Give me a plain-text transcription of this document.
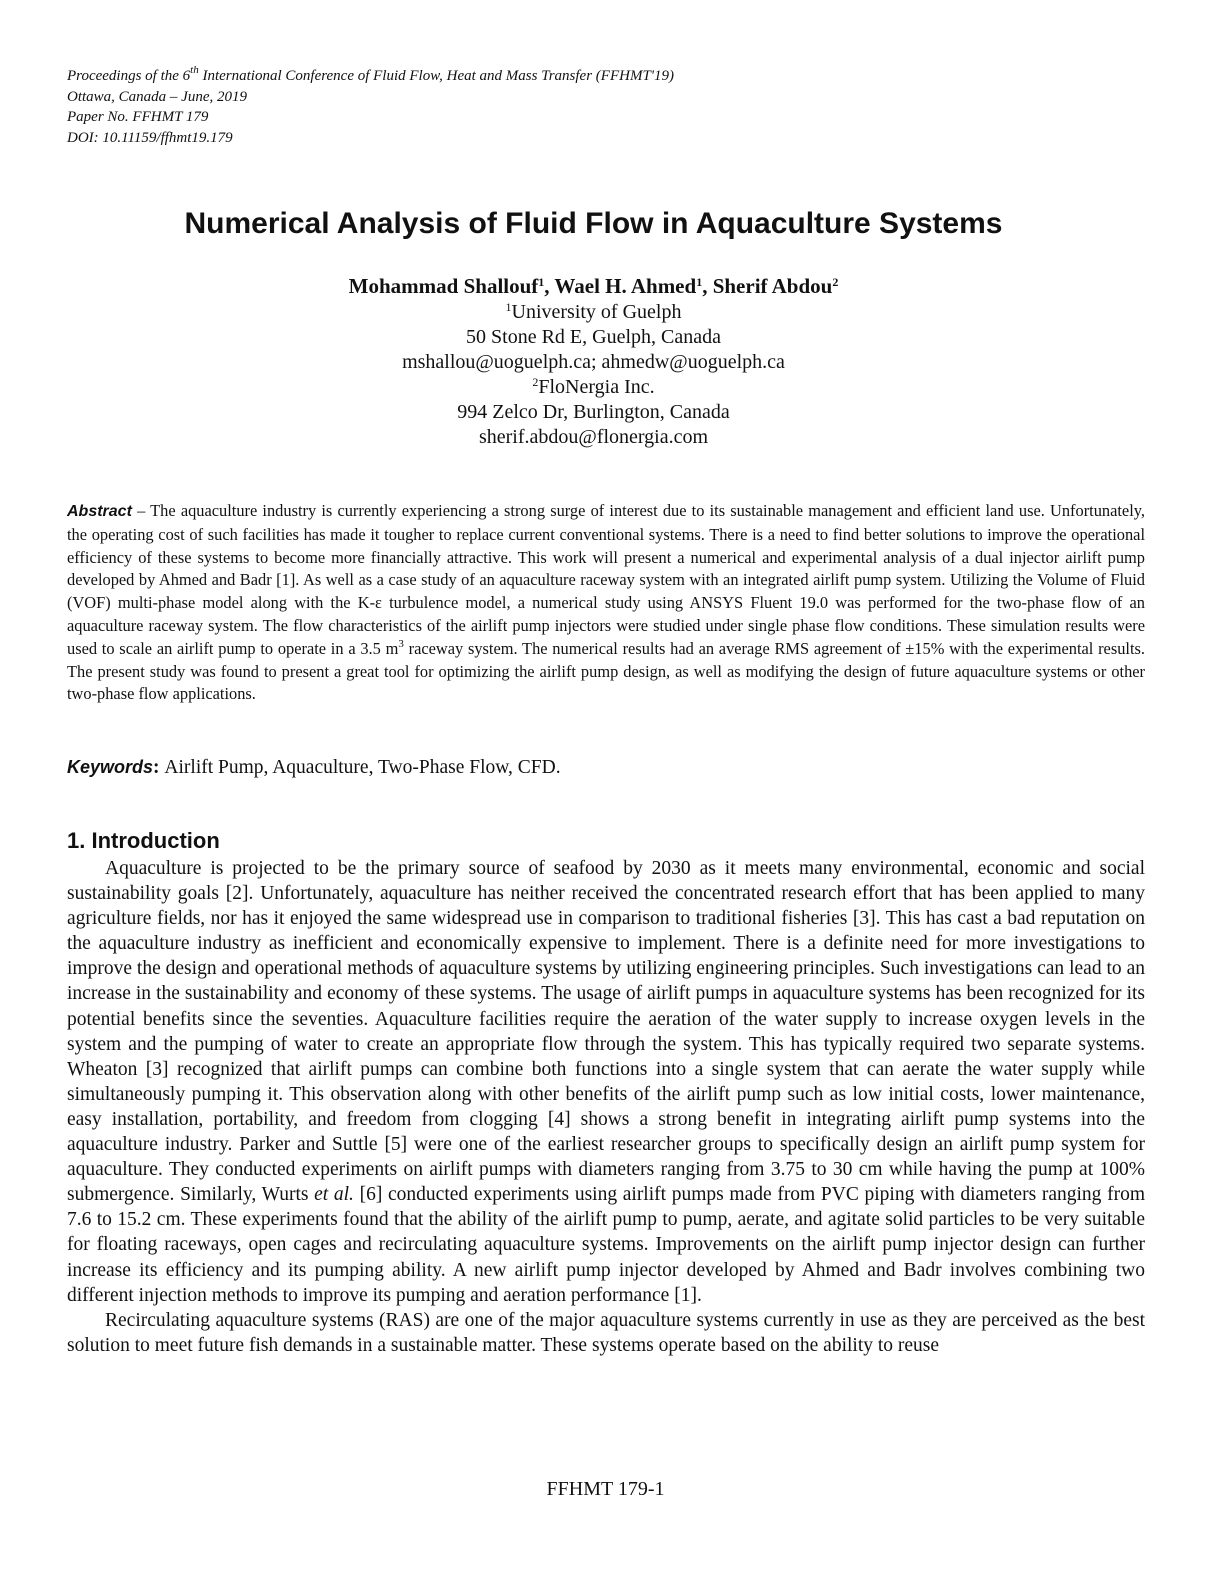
Proceedings of the 6th International Conference of Fluid Flow, Heat and Mass Transfer (FFHMT'19)
Ottawa, Canada – June, 2019
Paper No. FFHMT 179
DOI: 10.11159/ffhmt19.179
Numerical Analysis of Fluid Flow in Aquaculture Systems
Mohammad Shallouf$^1$, Wael H. Ahmed$^1$, Sherif Abdou$^2$
$^1$University of Guelph
50 Stone Rd E, Guelph, Canada
mshallou@uoguelph.ca; ahmedw@uoguelph.ca
$^2$FloNergia Inc.
994 Zelco Dr, Burlington, Canada
sherif.abdou@flonergia.com

Abstract – The aquaculture industry is currently experiencing a strong surge of interest due to its sustainable management and efficient land use. Unfortunately, the operating cost of such facilities has made it tougher to replace current conventional systems. There is a need to find better solutions to improve the operational efficiency of these systems to become more financially attractive. This work will present a numerical and experimental analysis of a dual injector airlift pump developed by Ahmed and Badr [1]. As well as a case study of an aquaculture raceway system with an integrated airlift pump system. Utilizing the Volume of Fluid (VOF) multi-phase model along with the K-ε turbulence model, a numerical study using ANSYS Fluent 19.0 was performed for the two-phase flow of an aquaculture raceway system. The flow characteristics of the airlift pump injectors were studied under single phase flow conditions. These simulation results were used to scale an airlift pump to operate in a 3.5 $m^3$ raceway system. The numerical results had an average RMS agreement of ±15% with the experimental results. The present study was found to present a great tool for optimizing the airlift pump design, as well as modifying the design of future aquaculture systems or other two-phase flow applications.

Keywords: Airlift Pump, Aquaculture, Two-Phase Flow, CFD.

1. Introduction

Aquaculture is projected to be the primary source of seafood by 2030 as it meets many environmental, economic and social sustainability goals [2]. Unfortunately, aquaculture has neither received the concentrated research effort that has been applied to many agriculture fields, nor has it enjoyed the same widespread use in comparison to traditional fisheries [3]. This has cast a bad reputation on the aquaculture industry as inefficient and economically expensive to implement. There is a definite need for more investigations to improve the design and operational methods of aquaculture systems by utilizing engineering principles. Such investigations can lead to an increase in the sustainability and economy of these systems. The usage of airlift pumps in aquaculture systems has been recognized for its potential benefits since the seventies. Aquaculture facilities require the aeration of the water supply to increase oxygen levels in the system and the pumping of water to create an appropriate flow through the system. This has typically required two separate systems. Wheaton [3] recognized that airlift pumps can combine both functions into a single system that can aerate the water supply while simultaneously pumping it. This observation along with other benefits of the airlift pump such as low initial costs, lower maintenance, easy installation, portability, and freedom from clogging [4] shows a strong benefit in integrating airlift pump systems into the aquaculture industry. Parker and Suttle [5] were one of the earliest researcher groups to specifically design an airlift pump system for aquaculture. They conducted experiments on airlift pumps with diameters ranging from 3.75 to 30 cm while having the pump at 100% submergence. Similarly, Wurts et al. [6] conducted experiments using airlift pumps made from PVC piping with diameters ranging from 7.6 to 15.2 cm. These experiments found that the ability of the airlift pump to pump, aerate, and agitate solid particles to be very suitable for floating raceways, open cages and recirculating aquaculture systems. Improvements on the airlift pump injector design can further increase its efficiency and its pumping ability. A new airlift pump injector developed by Ahmed and Badr involves combining two different injection methods to improve its pumping and aeration performance [1].

Recirculating aquaculture systems (RAS) are one of the major aquaculture systems currently in use as they are perceived as the best solution to meet future fish demands in a sustainable matter. These systems operate based on the ability to reuse

FFHMT 179-1
